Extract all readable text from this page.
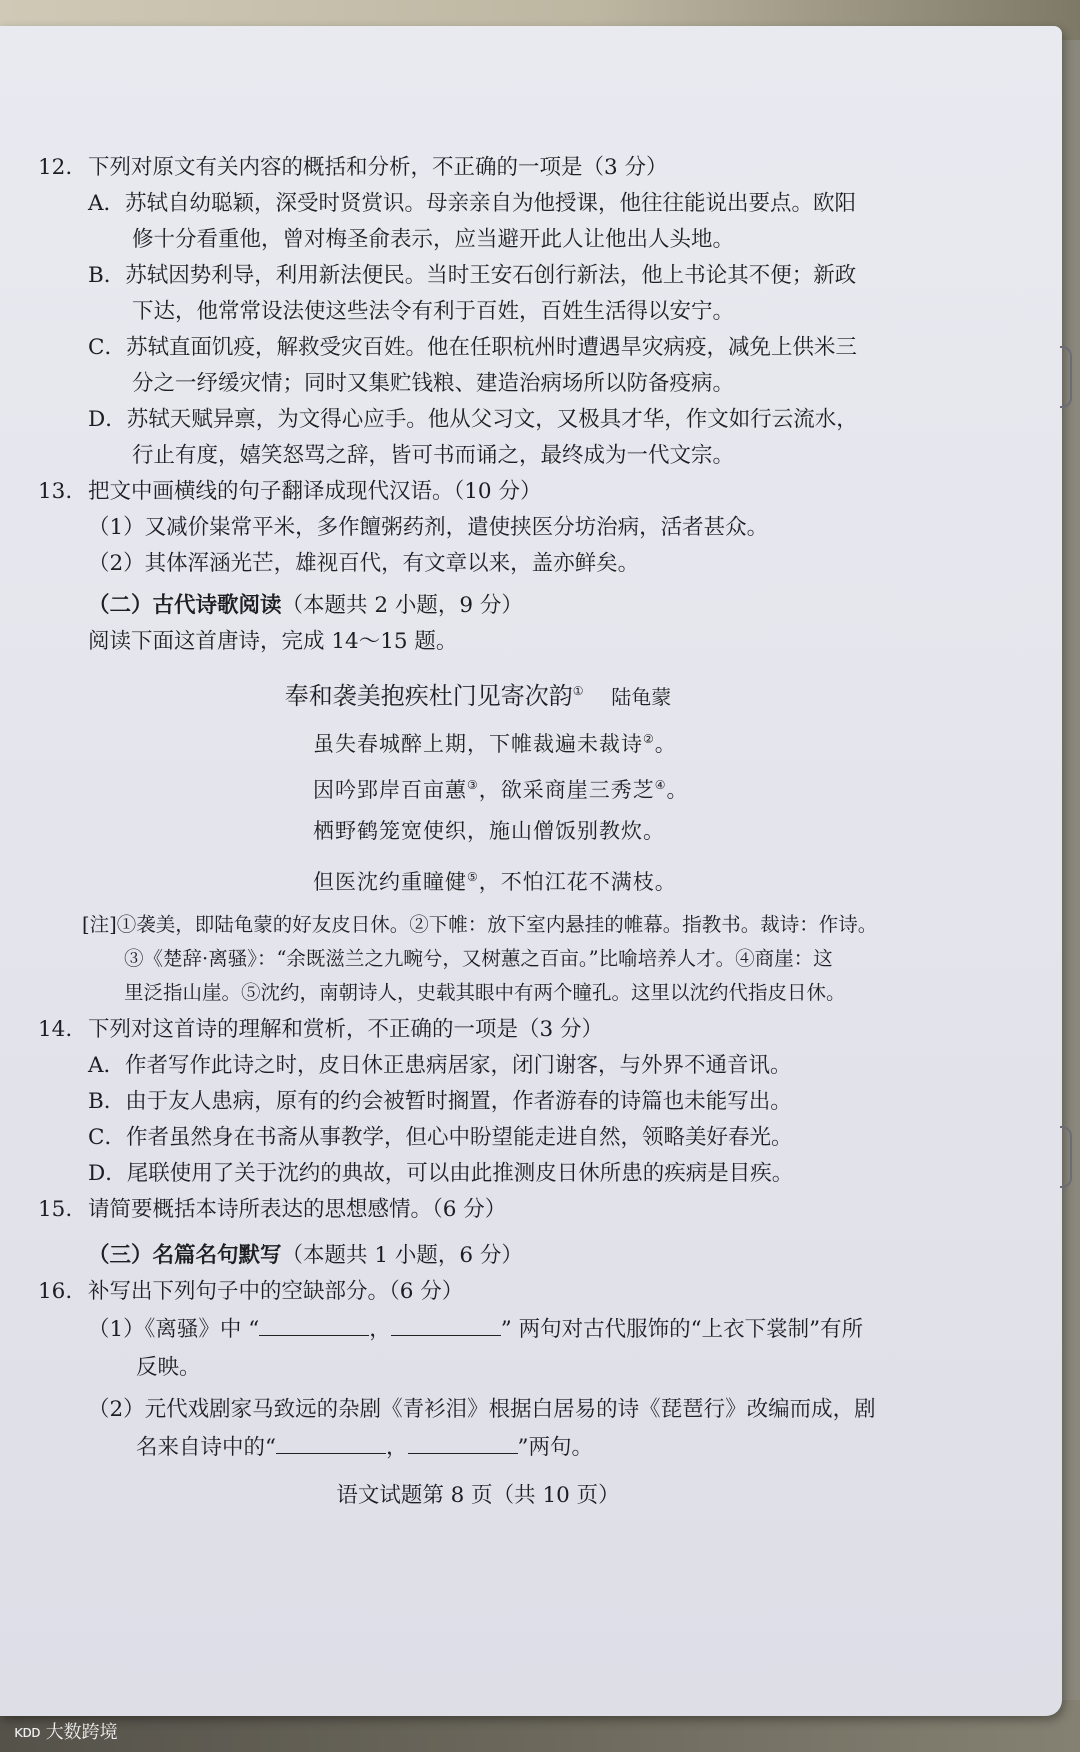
12. 下列对原文有关内容的概括和分析，不正确的一项是（3 分）
A．苏轼自幼聪颖，深受时贤赏识。母亲亲自为他授课，他往往能说出要点。欧阳
修十分看重他，曾对梅圣俞表示，应当避开此人让他出人头地。
B．苏轼因势利导，利用新法便民。当时王安石创行新法，他上书论其不便；新政
下达，他常常设法使这些法令有利于百姓，百姓生活得以安宁。
C．苏轼直面饥疫，解救受灾百姓。他在任职杭州时遭遇旱灾病疫，减免上供米三
分之一纾缓灾情；同时又集贮钱粮、建造治病场所以防备疫病。
D．苏轼天赋异禀，为文得心应手。他从父习文，又极具才华，作文如行云流水，
行止有度，嬉笑怒骂之辞，皆可书而诵之，最终成为一代文宗。
13. 把文中画横线的句子翻译成现代汉语。（10 分）
（1）又减价粜常平米，多作饘粥药剂，遣使挟医分坊治病，活者甚众。
（2）其体浑涵光芒，雄视百代，有文章以来，盖亦鲜矣。
（二）古代诗歌阅读（本题共 2 小题，9 分）
阅读下面这首唐诗，完成 14～15 题。
奉和袭美抱疾杜门见寄次韵① 陆龟蒙
虽失春城醉上期，下帷裁遍未裁诗②。
因吟郢岸百亩蕙③，欲采商崖三秀芝④。
栖野鹤笼宽使织，施山僧饭别教炊。
但医沈约重瞳健⑤，不怕江花不满枝。
[注]①袭美，即陆龟蒙的好友皮日休。②下帷：放下室内悬挂的帷幕。指教书。裁诗：作诗。
③《楚辞·离骚》：“余既滋兰之九畹兮，又树蕙之百亩。”比喻培养人才。④商崖：这
里泛指山崖。⑤沈约，南朝诗人，史载其眼中有两个瞳孔。这里以沈约代指皮日休。
14. 下列对这首诗的理解和赏析，不正确的一项是（3 分）
A．作者写作此诗之时，皮日休正患病居家，闭门谢客，与外界不通音讯。
B．由于友人患病，原有的约会被暂时搁置，作者游春的诗篇也未能写出。
C．作者虽然身在书斋从事教学，但心中盼望能走进自然，领略美好春光。
D．尾联使用了关于沈约的典故，可以由此推测皮日休所患的疾病是目疾。
15. 请简要概括本诗所表达的思想感情。（6 分）
（三）名篇名句默写（本题共 1 小题，6 分）
16. 补写出下列句子中的空缺部分。（6 分）
（1）《离骚》中 “	，	” 两句对古代服饰的“上衣下裳制”有所
反映。
（2）元代戏剧家马致远的杂剧《青衫泪》根据白居易的诗《琵琶行》改编而成，剧
名来自诗中的“	，	”两句。
语文试题第 8 页（共 10 页）
ᴋᴅᴅ 大数跨境
